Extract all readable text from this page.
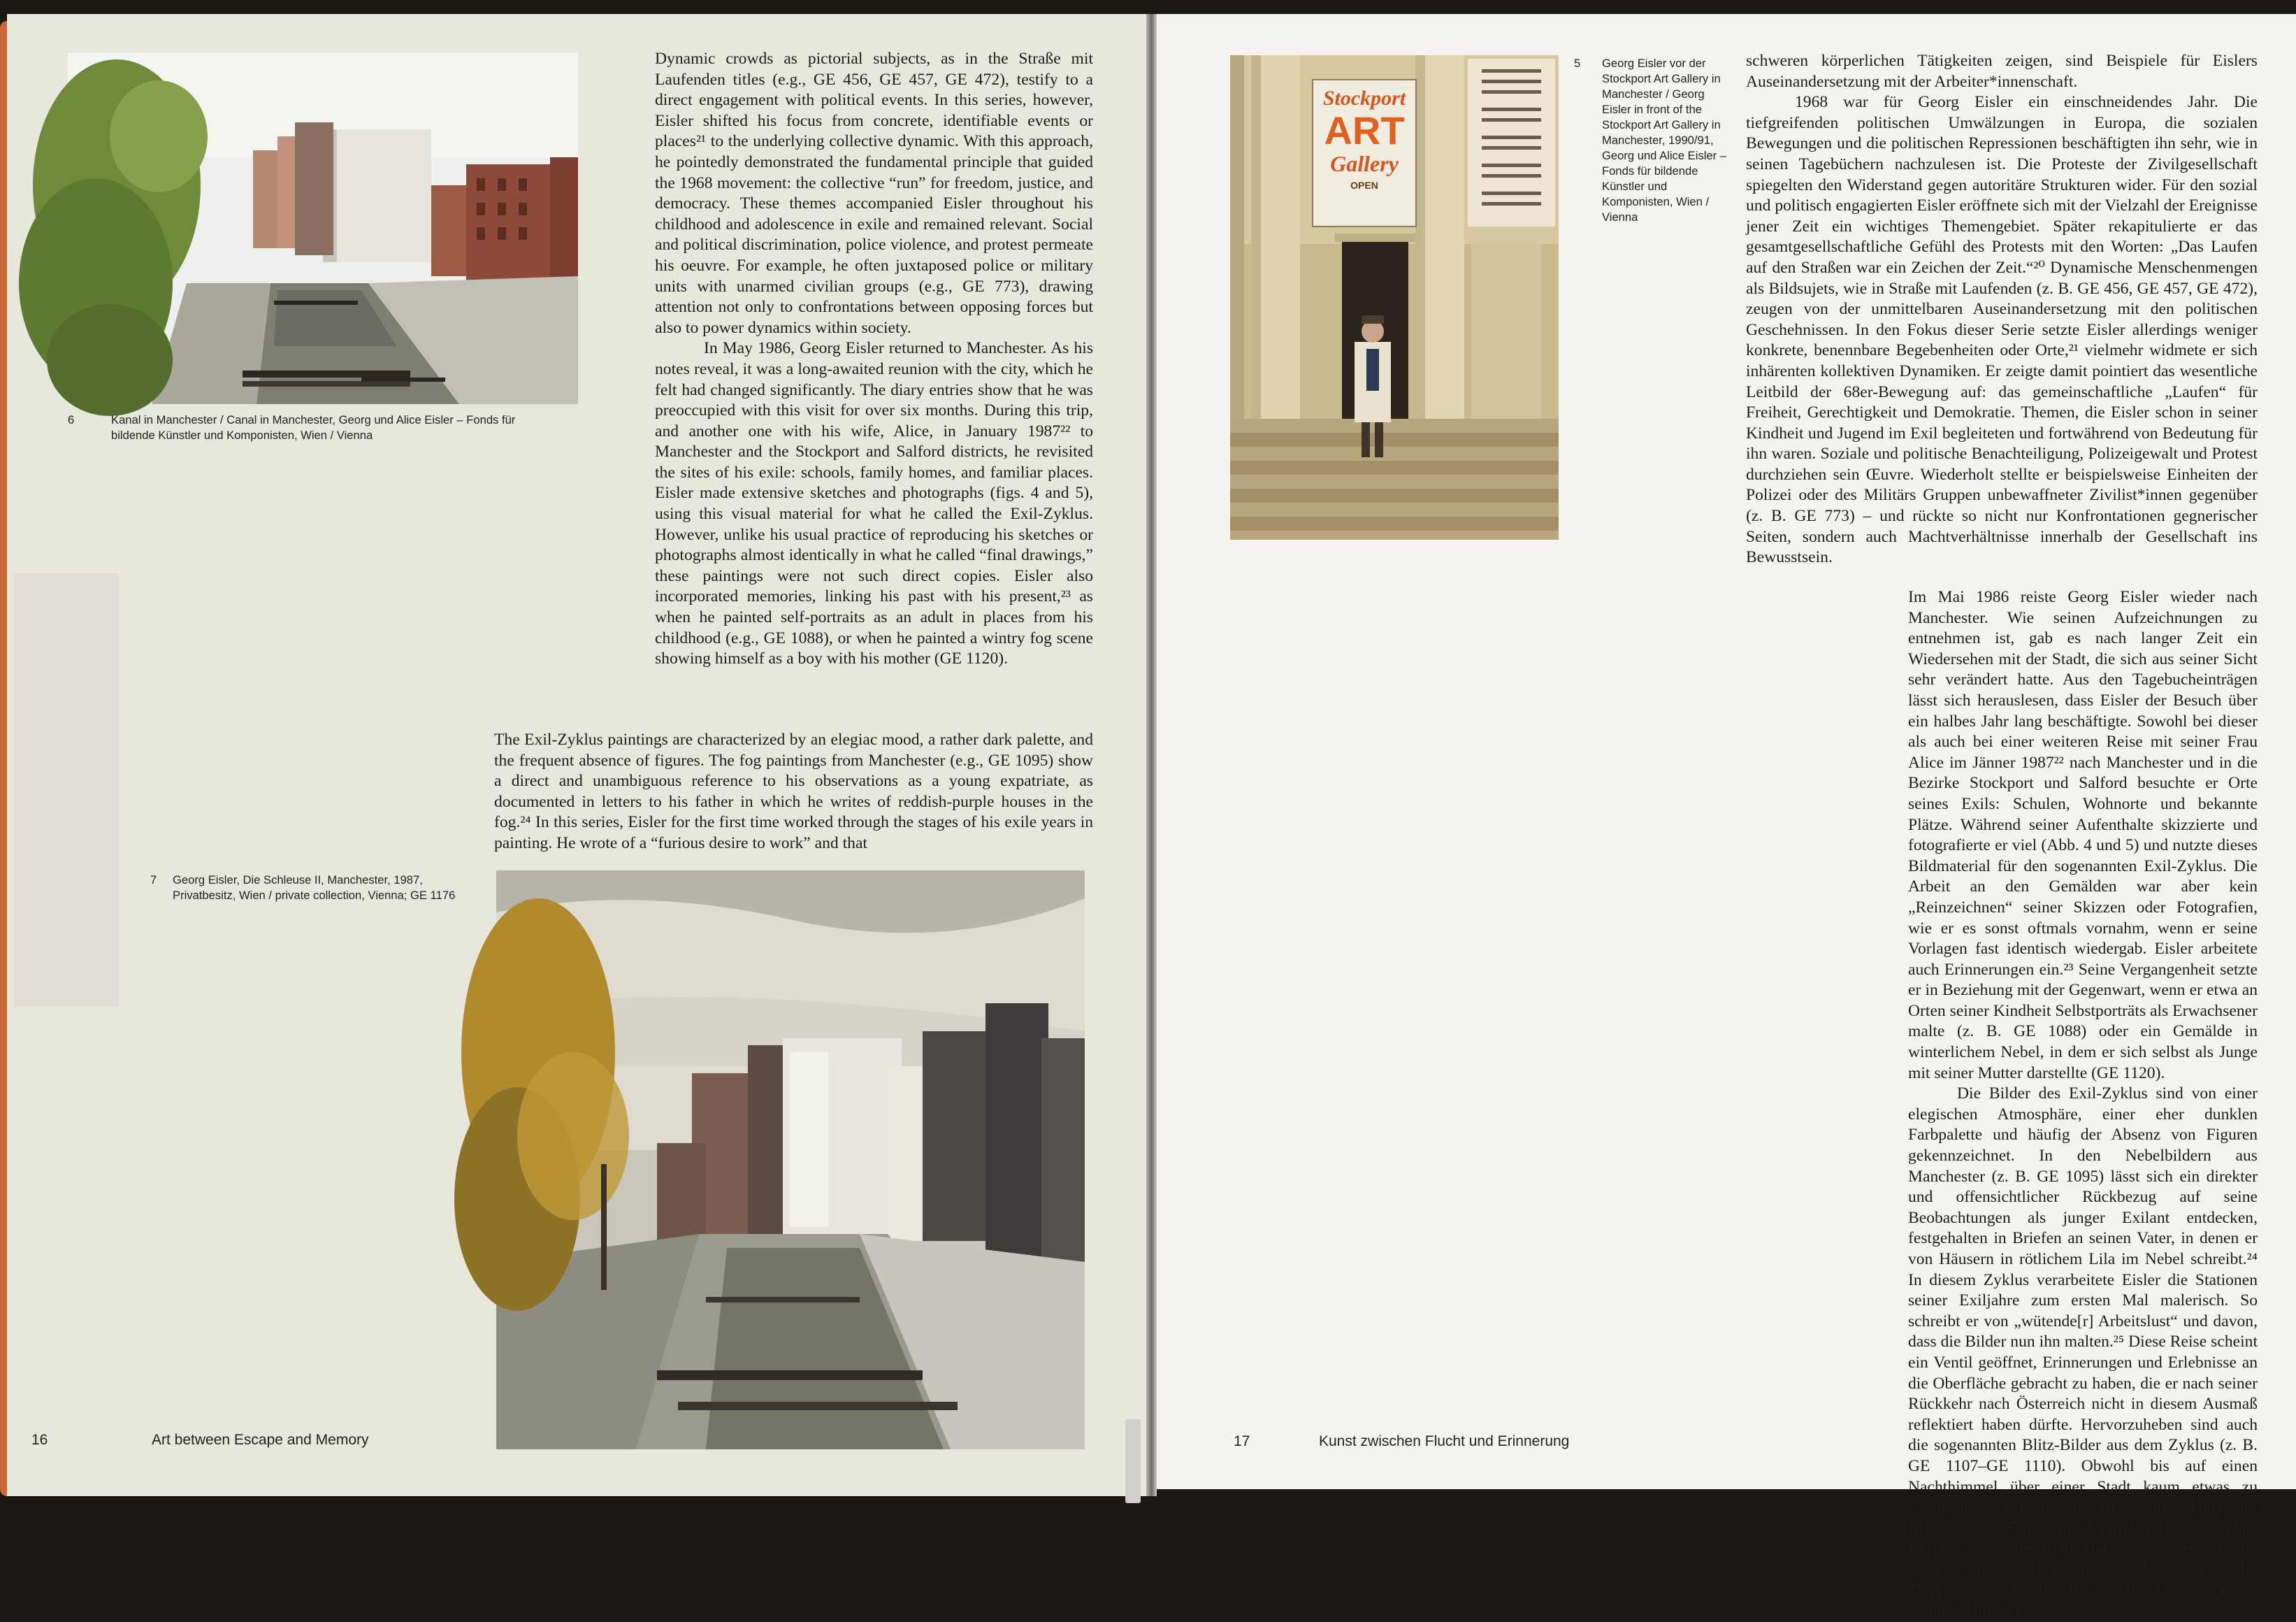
6	Kanal in Manchester / Canal in Manchester, Georg und Alice Eisler – Fonds für bildende Künstler und Komponisten, Wien / Vienna

Dynamic crowds as pictorial subjects, as in the Straße mit Laufenden titles (e.g., GE 456, GE 457, GE 472), testify to a direct engagement with political events. In this series, however, Eisler shifted his focus from concrete, identifiable events or places²¹ to the underlying collective dynamic. With this approach, he pointedly demonstrated the fundamental principle that guided the 1968 movement: the collective “run” for freedom, justice, and democracy. These themes accompanied Eisler throughout his childhood and adolescence in exile and remained relevant. Social and political discrimination, police violence, and protest permeate his oeuvre. For example, he often juxtaposed police or military units with unarmed civilian groups (e.g., GE 773), drawing attention not only to confrontations between opposing forces but also to power dynamics within society.

In May 1986, Georg Eisler returned to Manchester. As his notes reveal, it was a long-awaited reunion with the city, which he felt had changed significantly. The diary entries show that he was preoccupied with this visit for over six months. During this trip, and another one with his wife, Alice, in January 1987²² to Manchester and the Stockport and Salford districts, he revisited the sites of his exile: schools, family homes, and familiar places. Eisler made extensive sketches and photographs (figs. 4 and 5), using this visual material for what he called the Exil-Zyklus. However, unlike his usual practice of reproducing his sketches or photographs almost identically in what he called “final drawings,” these paintings were not such direct copies. Eisler also incorporated memories, linking his past with his present,²³ as when he painted self-portraits as an adult in places from his childhood (e.g., GE 1088), or when he painted a wintry fog scene showing himself as a boy with his mother (GE 1120).

The Exil-Zyklus paintings are characterized by an elegiac mood, a rather dark palette, and the frequent absence of figures. The fog paintings from Manchester (e.g., GE 1095) show a direct and unambiguous reference to his observations as a young expatriate, as documented in letters to his father in which he writes of reddish-purple houses in the fog.²⁴ In this series, Eisler for the first time worked through the stages of his exile years in painting. He wrote of a “furious desire to work” and that

7 Georg Eisler, Die Schleuse II, Manchester, 1987, Privatbesitz, Wien / private collection, Vienna; GE 1176
16	Art between Escape and Memory
Stockport
ART
Gallery
OPEN
5 Georg Eisler vor der Stockport Art Gallery in Manchester / Georg Eisler in front of the Stockport Art Gallery in Manchester, 1990/91, Georg und Alice Eisler – Fonds für bildende Künstler und Komponisten, Wien / Vienna

schweren körperlichen Tätigkeiten zeigen, sind Beispiele für Eislers Auseinandersetzung mit der Arbeiter*innenschaft.

1968 war für Georg Eisler ein einschneidendes Jahr. Die tiefgreifenden politischen Umwälzungen in Europa, die sozialen Bewegungen und die politischen Repressionen beschäftigten ihn sehr, wie in seinen Tagebüchern nachzulesen ist. Die Proteste der Zivilgesellschaft spiegelten den Widerstand gegen autoritäre Strukturen wider. Für den sozial und politisch engagierten Eisler eröffnete sich mit der Vielzahl der Ereignisse jener Zeit ein wichtiges Themengebiet. Später rekapitulierte er das gesamtgesellschaftliche Gefühl des Protests mit den Worten: „Das Laufen auf den Straßen war ein Zeichen der Zeit.“²⁰ Dynamische Menschenmengen als Bildsujets, wie in Straße mit Laufenden (z. B. GE 456, GE 457, GE 472), zeugen von der unmittelbaren Auseinandersetzung mit den politischen Geschehnissen. In den Fokus dieser Serie setzte Eisler allerdings weniger konkrete, benennbare Begebenheiten oder Orte,²¹ vielmehr widmete er sich inhärenten kollektiven Dynamiken. Er zeigte damit pointiert das wesentliche Leitbild der 68er-Bewegung auf: das gemeinschaftliche „Laufen“ für Freiheit, Gerechtigkeit und Demokratie. Themen, die Eisler schon in seiner Kindheit und Jugend im Exil begleiteten und fortwährend von Bedeutung für ihn waren. Soziale und politische Benachteiligung, Polizeigewalt und Protest durchziehen sein Œuvre. Wiederholt stellte er beispielsweise Einheiten der Polizei oder des Militärs Gruppen unbewaffneter Zivilist*innen gegenüber (z. B. GE 773) – und rückte so nicht nur Konfrontationen gegnerischer Seiten, sondern auch Machtverhältnisse innerhalb der Gesellschaft ins Bewusstsein.

Im Mai 1986 reiste Georg Eisler wieder nach Manchester. Wie seinen Aufzeichnungen zu entnehmen ist, gab es nach langer Zeit ein Wiedersehen mit der Stadt, die sich aus seiner Sicht sehr verändert hatte. Aus den Tagebucheinträgen lässt sich herauslesen, dass Eisler der Besuch über ein halbes Jahr lang beschäftigte. Sowohl bei dieser als auch bei einer weiteren Reise mit seiner Frau Alice im Jänner 1987²² nach Manchester und in die Bezirke Stockport und Salford besuchte er Orte seines Exils: Schulen, Wohnorte und bekannte Plätze. Während seiner Aufenthalte skizzierte und fotografierte er viel (Abb. 4 und 5) und nutzte dieses Bildmaterial für den sogenannten Exil-Zyklus. Die Arbeit an den Gemälden war aber kein „Reinzeichnen“ seiner Skizzen oder Fotografien, wie er es sonst oftmals vornahm, wenn er seine Vorlagen fast identisch wiedergab. Eisler arbeitete auch Erinnerungen ein.²³ Seine Vergangenheit setzte er in Beziehung mit der Gegenwart, wenn er etwa an Orten seiner Kindheit Selbstporträts als Erwachsener malte (z. B. GE 1088) oder ein Gemälde in winterlichem Nebel, in dem er sich selbst als Junge mit seiner Mutter darstellte (GE 1120).

Die Bilder des Exil-Zyklus sind von einer elegischen Atmosphäre, einer eher dunklen Farbpalette und häufig der Absenz von Figuren gekennzeichnet. In den Nebelbildern aus Manchester (z. B. GE 1095) lässt sich ein direkter und offensichtlicher Rückbezug auf seine Beobachtungen als junger Exilant entdecken, festgehalten in Briefen an seinen Vater, in denen er von Häusern in rötlichem Lila im Nebel schreibt.²⁴ In diesem Zyklus verarbeitete Eisler die Stationen seiner Exiljahre zum ersten Mal malerisch. So schreibt er von „wütende[r] Arbeitslust“ und davon, dass die Bilder nun ihn malten.²⁵ Diese Reise scheint ein Ventil geöffnet, Erinnerungen und Erlebnisse an die Oberfläche gebracht zu haben, die er nach seiner Rückkehr nach Österreich nicht in diesem Ausmaß reflektiert haben dürfte. Hervorzuheben sind auch die sogenannten Blitz-Bilder aus dem Zyklus (z. B. GE 1107–GE 1110). Obwohl bis auf einen Nachthimmel über einer Stadt kaum etwas zu erkennen ist, erzählen die Titel vom „Manchester Blitz“, einer Serie von Angriffen der deutschen Luftwaffe im Jahr 1940. Bei einem jener Angriffe harrte Eisler im Haus einer Nachbarin unter der Treppe aus, der durch das Bombardement rot gefärbte Himmel

17	Kunst zwischen Flucht und Erinnerung
